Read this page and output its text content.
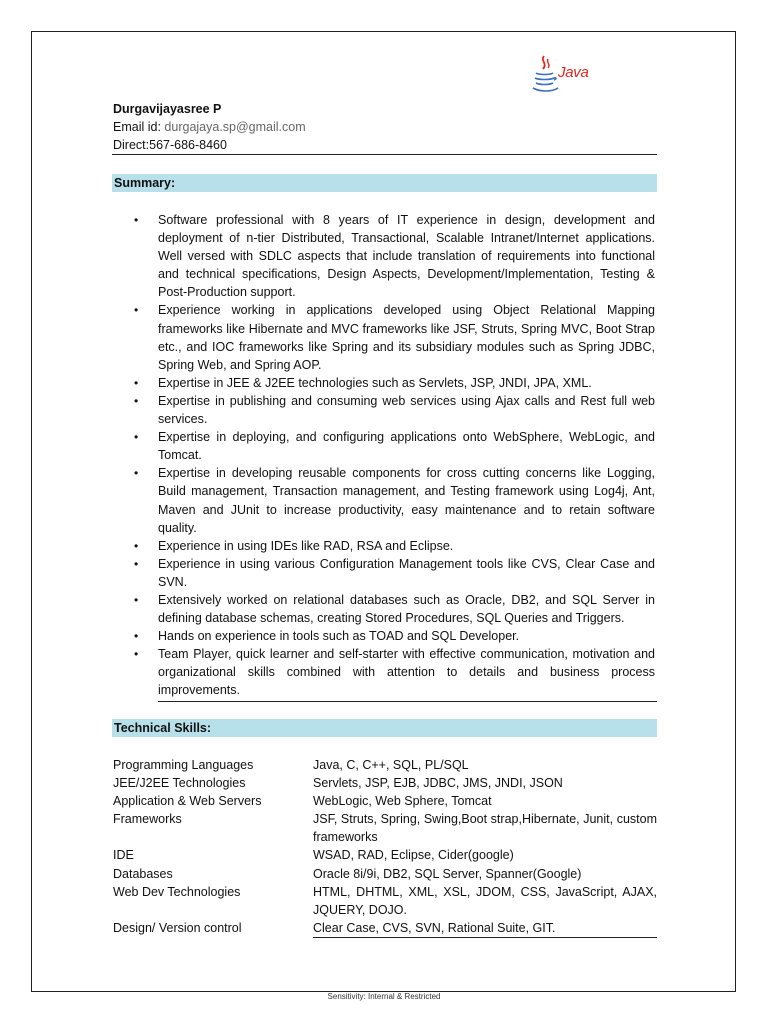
Java
Durgavijayasree P
Email id: durgajaya.sp@gmail.com
Direct:567-686-8460
Summary:
• Software professional with 8 years of IT experience in design, development and deployment of n-tier Distributed, Transactional, Scalable Intranet/Internet applications. Well versed with SDLC aspects that include translation of requirements into functional and technical specifications, Design Aspects, Development/Implementation, Testing & Post-Production support.
• Experience working in applications developed using Object Relational Mapping frameworks like Hibernate and MVC frameworks like JSF, Struts, Spring MVC, Boot Strap etc., and IOC frameworks like Spring and its subsidiary modules such as Spring JDBC, Spring Web, and Spring AOP.
• Expertise in JEE & J2EE technologies such as Servlets, JSP, JNDI, JPA, XML.
• Expertise in publishing and consuming web services using Ajax calls and Rest full web services.
• Expertise in deploying, and configuring applications onto WebSphere, WebLogic, and Tomcat.
• Expertise in developing reusable components for cross cutting concerns like Logging, Build management, Transaction management, and Testing framework using Log4j, Ant, Maven and JUnit to increase productivity, easy maintenance and to retain software quality.
• Experience in using IDEs like RAD, RSA and Eclipse.
• Experience in using various Configuration Management tools like CVS, Clear Case and SVN.
• Extensively worked on relational databases such as Oracle, DB2, and SQL Server in defining database schemas, creating Stored Procedures, SQL Queries and Triggers.
• Hands on experience in tools such as TOAD and SQL Developer.
• Team Player, quick learner and self-starter with effective communication, motivation and organizational skills combined with attention to details and business process improvements.
Technical Skills:
Programming Languages	Java, C, C++, SQL, PL/SQL
JEE/J2EE Technologies	Servlets, JSP, EJB, JDBC, JMS, JNDI, JSON
Application & Web Servers	WebLogic, Web Sphere, Tomcat
Frameworks	JSF, Struts, Spring, Swing,Boot strap,Hibernate, Junit, custom frameworks
IDE	WSAD, RAD, Eclipse, Cider(google)
Databases	Oracle 8i/9i, DB2, SQL Server, Spanner(Google)
Web Dev Technologies	HTML, DHTML, XML, XSL, JDOM, CSS, JavaScript, AJAX, JQUERY, DOJO.
Design/ Version control	Clear Case, CVS, SVN, Rational Suite, GIT.
Sensitivity: Internal & Restricted
